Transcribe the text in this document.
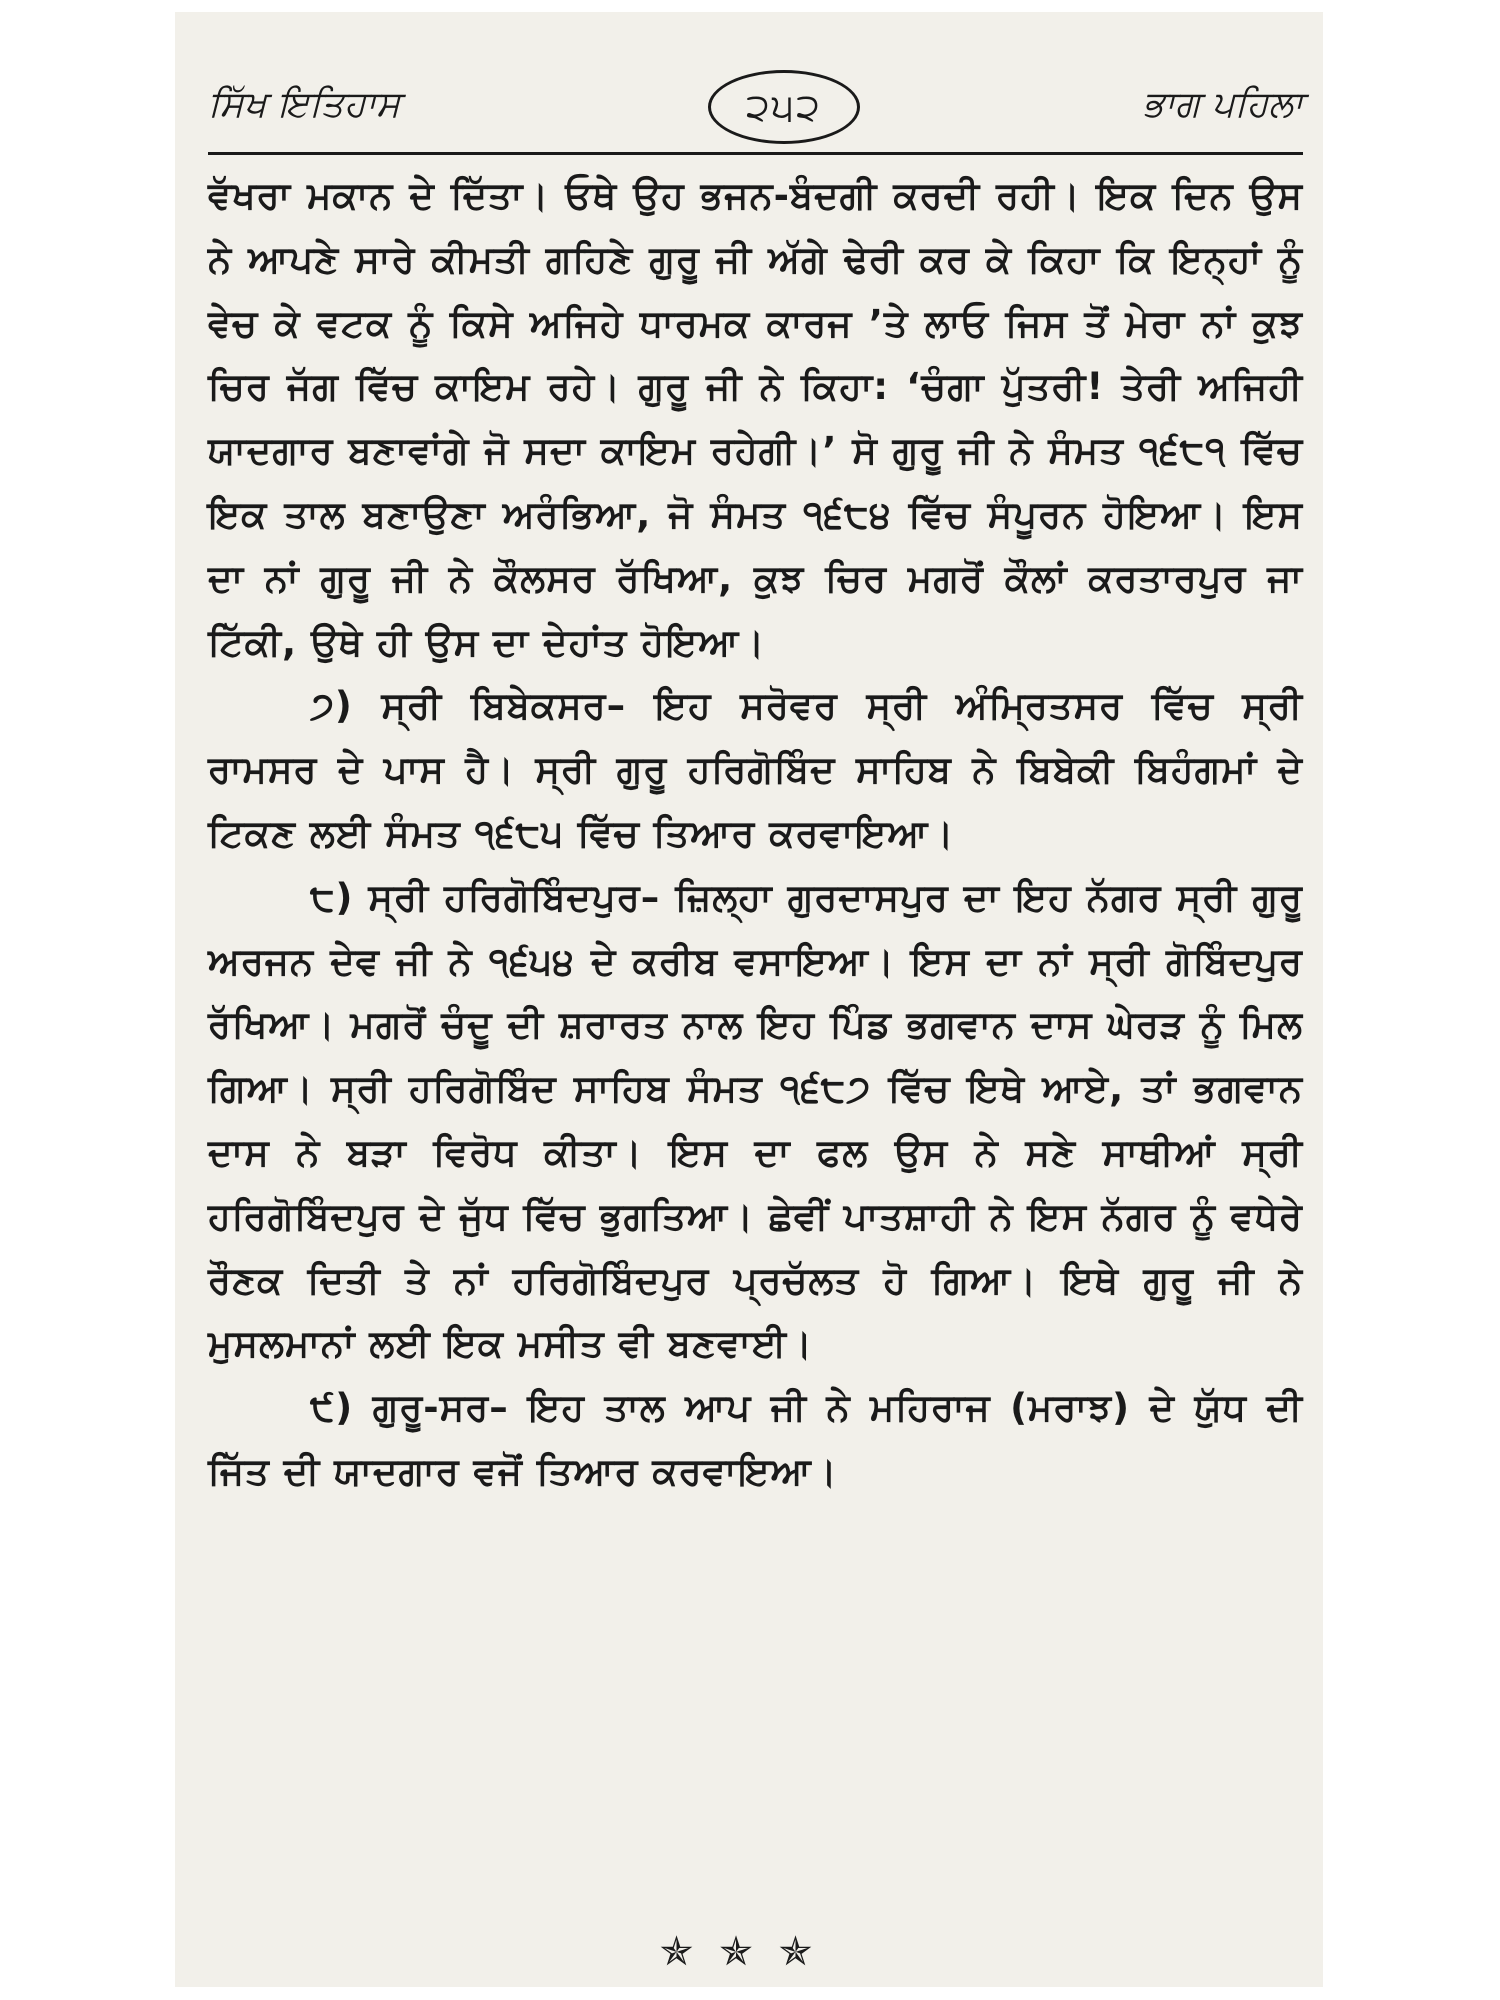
ਸਿੱਖ ਇਤਿਹਾਸ	੨੫੨	ਭਾਗ ਪਹਿਲਾ

ਵੱਖਰਾ ਮਕਾਨ ਦੇ ਦਿੱਤਾ। ਓਥੇ ਉਹ ਭਜਨ-ਬੰਦਗੀ ਕਰਦੀ ਰਹੀ। ਇਕ ਦਿਨ ਉਸ ਨੇ ਆਪਣੇ ਸਾਰੇ ਕੀਮਤੀ ਗਹਿਣੇ ਗੁਰੂ ਜੀ ਅੱਗੇ ਢੇਰੀ ਕਰ ਕੇ ਕਿਹਾ ਕਿ ਇਨ੍ਹਾਂ ਨੂੰ ਵੇਚ ਕੇ ਵਟਕ ਨੂੰ ਕਿਸੇ ਅਜਿਹੇ ਧਾਰਮਕ ਕਾਰਜ ’ਤੇ ਲਾਓ ਜਿਸ ਤੋਂ ਮੇਰਾ ਨਾਂ ਕੁਝ ਚਿਰ ਜੱਗ ਵਿੱਚ ਕਾਇਮ ਰਹੇ। ਗੁਰੂ ਜੀ ਨੇ ਕਿਹਾ: ‘ਚੰਗਾ ਪੁੱਤਰੀ! ਤੇਰੀ ਅਜਿਹੀ ਯਾਦਗਾਰ ਬਣਾਵਾਂਗੇ ਜੋ ਸਦਾ ਕਾਇਮ ਰਹੇਗੀ।’ ਸੋ ਗੁਰੂ ਜੀ ਨੇ ਸੰਮਤ ੧੬੮੧ ਵਿੱਚ ਇਕ ਤਾਲ ਬਣਾਉਣਾ ਅਰੰਭਿਆ, ਜੋ ਸੰਮਤ ੧੬੮੪ ਵਿੱਚ ਸੰਪੂਰਨ ਹੋਇਆ। ਇਸ ਦਾ ਨਾਂ ਗੁਰੂ ਜੀ ਨੇ ਕੌਲਸਰ ਰੱਖਿਆ, ਕੁਝ ਚਿਰ ਮਗਰੋਂ ਕੌਲਾਂ ਕਰਤਾਰਪੁਰ ਜਾ ਟਿੱਕੀ, ਉਥੇ ਹੀ ਉਸ ਦਾ ਦੇਹਾਂਤ ਹੋਇਆ।

੭) ਸ੍ਰੀ ਬਿਬੇਕਸਰ– ਇਹ ਸਰੋਵਰ ਸ੍ਰੀ ਅੰਮ੍ਰਿਤਸਰ ਵਿੱਚ ਸ੍ਰੀ ਰਾਮਸਰ ਦੇ ਪਾਸ ਹੈ। ਸ੍ਰੀ ਗੁਰੂ ਹਰਿਗੋਬਿੰਦ ਸਾਹਿਬ ਨੇ ਬਿਬੇਕੀ ਬਿਹੰਗਮਾਂ ਦੇ ਟਿਕਣ ਲਈ ਸੰਮਤ ੧੬੮੫ ਵਿੱਚ ਤਿਆਰ ਕਰਵਾਇਆ।

੮) ਸ੍ਰੀ ਹਰਿਗੋਬਿੰਦਪੁਰ– ਜ਼ਿਲ੍ਹਾ ਗੁਰਦਾਸਪੁਰ ਦਾ ਇਹ ਨੱਗਰ ਸ੍ਰੀ ਗੁਰੂ ਅਰਜਨ ਦੇਵ ਜੀ ਨੇ ੧੬੫੪ ਦੇ ਕਰੀਬ ਵਸਾਇਆ। ਇਸ ਦਾ ਨਾਂ ਸ੍ਰੀ ਗੋਬਿੰਦਪੁਰ ਰੱਖਿਆ। ਮਗਰੋਂ ਚੰਦੂ ਦੀ ਸ਼ਰਾਰਤ ਨਾਲ ਇਹ ਪਿੰਡ ਭਗਵਾਨ ਦਾਸ ਘੇਰੜ ਨੂੰ ਮਿਲ ਗਿਆ। ਸ੍ਰੀ ਹਰਿਗੋਬਿੰਦ ਸਾਹਿਬ ਸੰਮਤ ੧੬੮੭ ਵਿੱਚ ਇਥੇ ਆਏ, ਤਾਂ ਭਗਵਾਨ ਦਾਸ ਨੇ ਬੜਾ ਵਿਰੋਧ ਕੀਤਾ। ਇਸ ਦਾ ਫਲ ਉਸ ਨੇ ਸਣੇ ਸਾਥੀਆਂ ਸ੍ਰੀ ਹਰਿਗੋਬਿੰਦਪੁਰ ਦੇ ਜੁੱਧ ਵਿੱਚ ਭੁਗਤਿਆ। ਛੇਵੀਂ ਪਾਤਸ਼ਾਹੀ ਨੇ ਇਸ ਨੱਗਰ ਨੂੰ ਵਧੇਰੇ ਰੌਣਕ ਦਿਤੀ ਤੇ ਨਾਂ ਹਰਿਗੋਬਿੰਦਪੁਰ ਪ੍ਰਚੱਲਤ ਹੋ ਗਿਆ। ਇਥੇ ਗੁਰੂ ਜੀ ਨੇ ਮੁਸਲਮਾਨਾਂ ਲਈ ਇਕ ਮਸੀਤ ਵੀ ਬਣਵਾਈ।

੯) ਗੁਰੂ-ਸਰ– ਇਹ ਤਾਲ ਆਪ ਜੀ ਨੇ ਮਹਿਰਾਜ (ਮਰਾਝ) ਦੇ ਯੁੱਧ ਦੀ ਜਿੱਤ ਦੀ ਯਾਦਗਾਰ ਵਜੋਂ ਤਿਆਰ ਕਰਵਾਇਆ।

✯✯✯
